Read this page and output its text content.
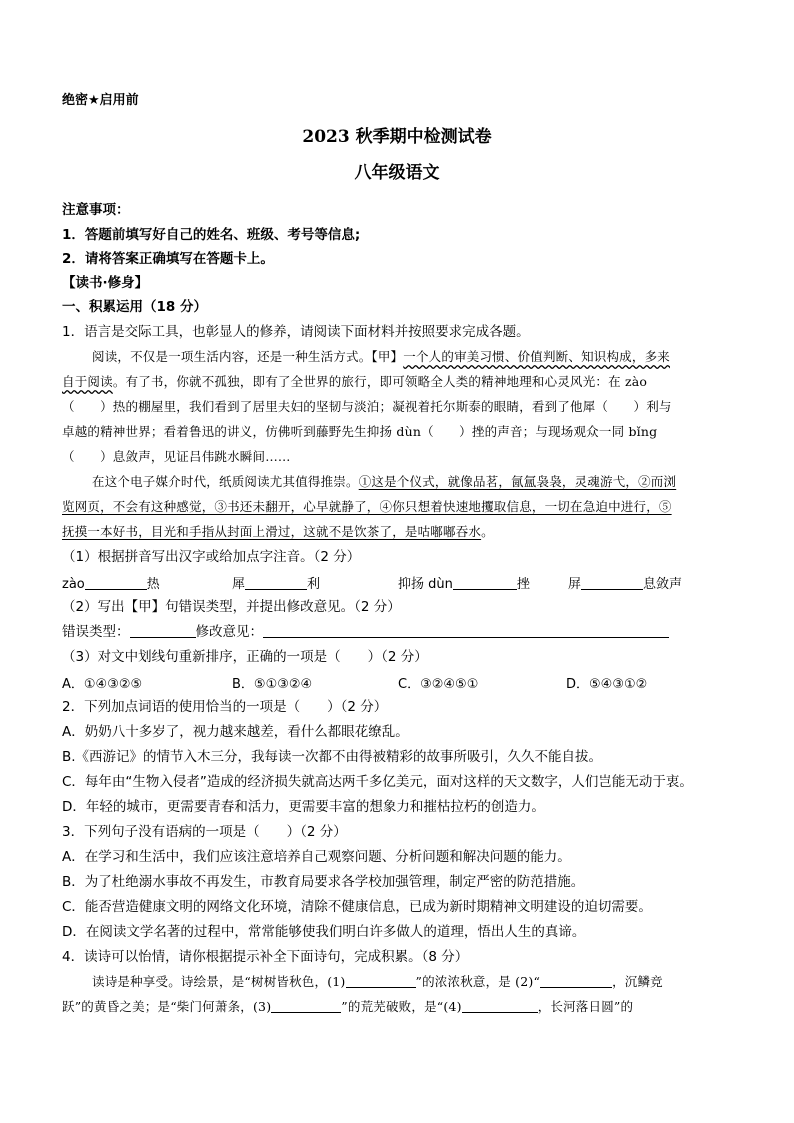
绝密★启用前
2023 秋季期中检测试卷
八年级语文
注意事项：
1．答题前填写好自己的姓名、班级、考号等信息;
2．请将答案正确填写在答题卡上。
【读书·修身】
一、积累运用（18 分）
1．语言是交际工具，也彰显人的修养，请阅读下面材料并按照要求完成各题。
阅读，不仅是一项生活内容，还是一种生活方式。【甲】一个人的审美习惯、价值判断、知识构成，多来
自于阅读。有了书，你就不孤独，即有了全世界的旅行，即可领略全人类的精神地理和心灵风光：在 zào
（　　）热的棚屋里，我们看到了居里夫妇的坚韧与淡泊；凝视着托尔斯泰的眼睛，看到了他犀（　　）利与
卓越的精神世界；看着鲁迅的讲义，仿佛听到藤野先生抑扬 dùn（　　）挫的声音；与现场观众一同 bǐng
（　　）息敛声，见证吕伟跳水瞬间……
在这个电子媒介时代，纸质阅读尤其值得推崇。①这是个仪式，就像品茗，氤氲袅袅，灵魂游弋，②而浏
览网页，不会有这种感觉，③书还未翻开，心早就静了，④你只想着快速地攫取信息，一切在急迫中进行，⑤
抚摸一本好书，目光和手指从封面上滑过，这就不是饮茶了，是咕嘟嘟吞水。
（1）根据拼音写出汉字或给加点字注音。（2 分）
zào	热	犀	利	抑扬 dùn	挫	屏	息敛声
（2）写出【甲】句错误类型，并提出修改意见。（2 分）
错误类型：	修改意见：
（3）对文中划线句重新排序，正确的一项是（　　）（2 分）
A．①④③②⑤	B．⑤①③②④	C．③②④⑤①	D．⑤④③①②
2．下列加点词语的使用恰当的一项是（　　）（2 分）
A．奶奶八十多岁了，视力越来越差，看什么都眼花缭乱。
B.《西游记》的情节入木三分，我每读一次都不由得被精彩的故事所吸引，久久不能自拔。
C．每年由“生物入侵者”造成的经济损失就高达两千多亿美元，面对这样的天文数字，人们岂能无动于衷。
D．年轻的城市，更需要青春和活力，更需要丰富的想象力和摧枯拉朽的创造力。
3．下列句子没有语病的一项是（　　）（2 分）
A．在学习和生活中，我们应该注意培养自己观察问题、分析问题和解决问题的能力。
B．为了杜绝溺水事故不再发生，市教育局要求各学校加强管理，制定严密的防范措施。
C．能否营造健康文明的网络文化环境，清除不健康信息，已成为新时期精神文明建设的迫切需要。
D．在阅读文学名著的过程中，常常能够使我们明白许多做人的道理，悟出人生的真谛。
4．读诗可以怡情，请你根据提示补全下面诗句，完成积累。（8 分）
读诗是种享受。诗绘景，是“树树皆秋色，(1)	”的浓浓秋意，是 (2)“	，沉鳞竞
跃”的黄昏之美；是“柴门何萧条，(3)	”的荒芜破败，是“(4)	，长河落日圆”的
